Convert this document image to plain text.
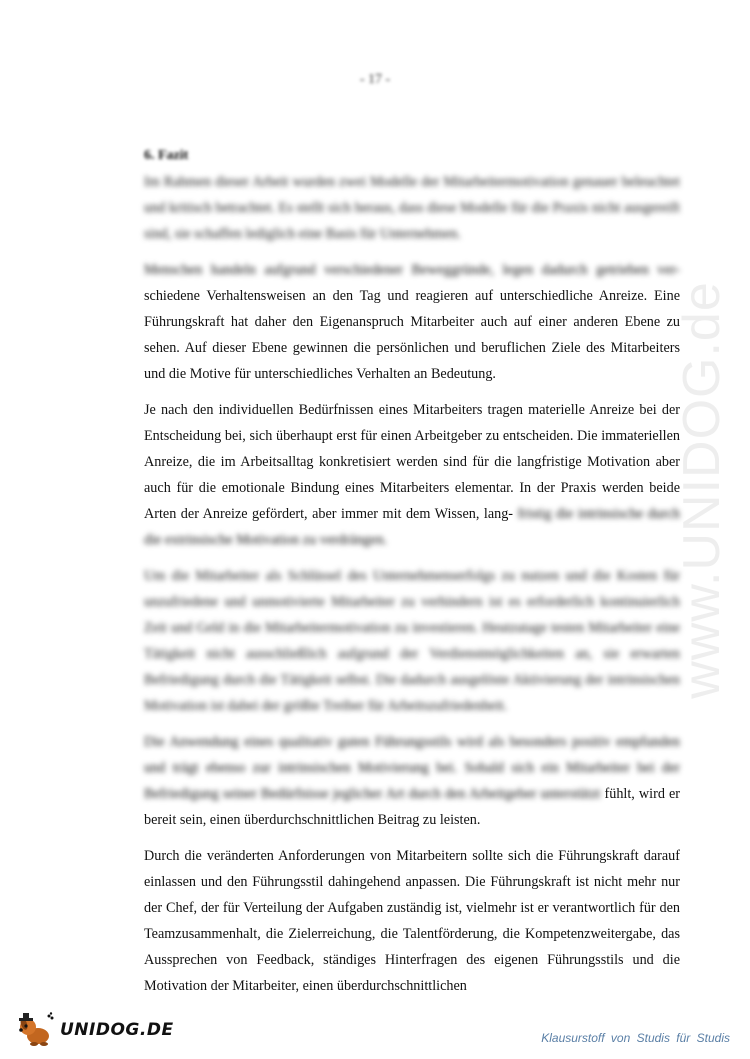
- 17 -
www.UNIDOG.de

6. Fazit

Im Rahmen dieser Arbeit wurden zwei Modelle der Mitarbeitermotivation genauer beleuchtet und kritisch betrachtet. Es stellt sich heraus, dass diese Modelle für die Praxis nicht ausgereift sind, sie schaffen lediglich eine Basis für Unternehmen.

Menschen handeln aufgrund verschiedener Beweggründe, legen dadurch getrieben ver- schiedene Verhaltensweisen an den Tag und reagieren auf unterschiedliche Anreize. Eine Führungskraft hat daher den Eigenanspruch Mitarbeiter auch auf einer anderen Ebene zu sehen. Auf dieser Ebene gewinnen die persönlichen und beruflichen Ziele des Mitarbeiters und die Motive für unterschiedliches Verhalten an Bedeutung.

Je nach den individuellen Bedürfnissen eines Mitarbeiters tragen materielle Anreize bei der Entscheidung bei, sich überhaupt erst für einen Arbeitgeber zu entscheiden. Die immateriellen Anreize, die im Arbeitsalltag konkretisiert werden sind für die langfristige Motivation aber auch für die emotionale Bindung eines Mitarbeiters elementar. In der Praxis werden beide Arten der Anreize gefördert, aber immer mit dem Wissen, lang- fristig die intrinsische durch die extrinsische Motivation zu verdrängen.

Um die Mitarbeiter als Schlüssel des Unternehmenserfolgs zu nutzen und die Kosten für unzufriedene und unmotivierte Mitarbeiter zu verhindern ist es erforderlich kontinuierlich Zeit und Geld in die Mitarbeitermotivation zu investieren. Heutzutage testen Mitarbeiter eine Tätigkeit nicht ausschließlich aufgrund der Verdienstmöglichkeiten an, sie erwarten Befriedigung durch die Tätigkeit selbst. Die dadurch ausgelöste Aktivierung der intrinsischen Motivation ist dabei der größte Treiber für Arbeitszufriedenheit.

Die Anwendung eines qualitativ guten Führungsstils wird als besonders positiv empfunden und trägt ebenso zur intrinsischen Motivierung bei. Sobald sich ein Mitarbeiter bei der Befriedigung seiner Bedürfnisse jeglicher Art durch den Arbeitgeber unterstützt fühlt, wird er bereit sein, einen überdurchschnittlichen Beitrag zu leisten.

Durch die veränderten Anforderungen von Mitarbeitern sollte sich die Führungskraft darauf einlassen und den Führungsstil dahingehend anpassen. Die Führungskraft ist nicht mehr nur der Chef, der für Verteilung der Aufgaben zuständig ist, vielmehr ist er verantwortlich für den Teamzusammenhalt, die Zielerreichung, die Talentförderung, die Kompetenzweitergabe, das Aussprechen von Feedback, ständiges Hinterfragen des eigenen Führungsstils und die Motivation der Mitarbeiter, einen überdurchschnittlichen

UNIDOG.DE	Klausurstoff von Studis für Studis
